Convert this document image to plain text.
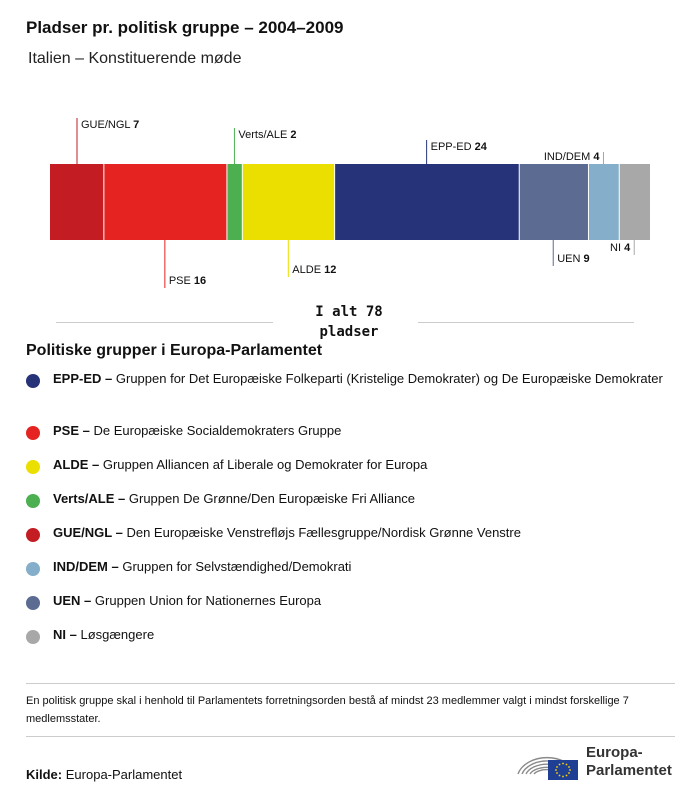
Pladser pr. politisk gruppe – 2004–2009
Italien – Konstituerende møde
GUE/NGL 7
PSE 16
Verts/ALE 2
ALDE 12
EPP-ED 24
UEN 9
IND/DEM 4
NI 4
I alt 78
pladser
Politiske grupper i Europa-Parlamentet
EPP-ED – Gruppen for Det Europæiske Folkeparti (Kristelige Demokrater) og De Europæiske Demokrater
PSE – De Europæiske Socialdemokraters Gruppe
ALDE – Gruppen Alliancen af Liberale og Demokrater for Europa
Verts/ALE – Gruppen De Grønne/Den Europæiske Fri Alliance
GUE/NGL – Den Europæiske Venstrefløjs Fællesgruppe/Nordisk Grønne Venstre
IND/DEM – Gruppen for Selvstændighed/Demokrati
UEN – Gruppen Union for Nationernes Europa
NI – Løsgængere
En politisk gruppe skal i henhold til Parlamentets forretningsorden bestå af mindst 23 medlemmer valgt i mindst forskellige 7 medlemsstater.
Kilde: Europa-Parlamentet
Europa-
Parlamentet
